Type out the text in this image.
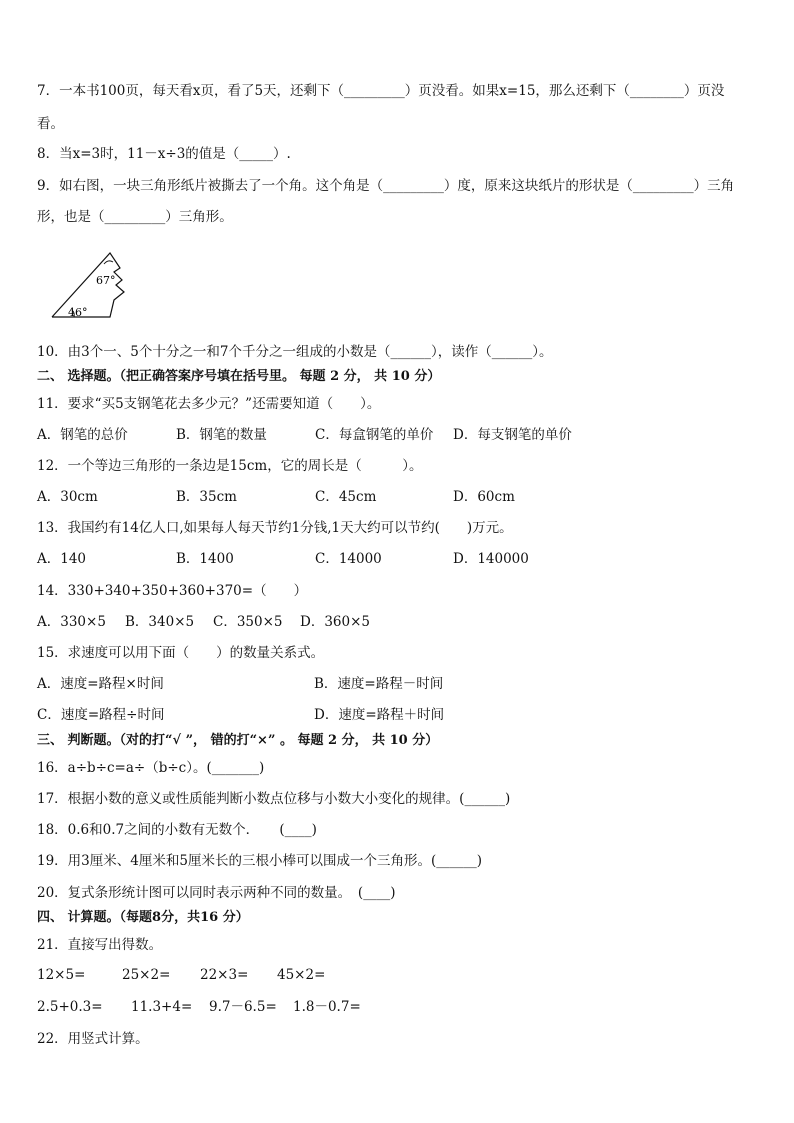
7．一本书100页，每天看x页，看了5天，还剩下（_________）页没看。如果x=15，那么还剩下（________）页没
看。
8．当x=3时，11－x÷3的值是（_____）.
9．如右图，一块三角形纸片被撕去了一个角。这个角是（_________）度，原来这块纸片的形状是（_________）三角
形，也是（_________）三角形。
67°
46°
10．由3个一、5个十分之一和7个千分之一组成的小数是（______），读作（______）。
二、 选择题。（把正确答案序号填在括号里。 每题 2 分， 共 10 分）
11．要求“买5支钢笔花去多少元？”还需要知道（　　）。
A．钢笔的总价	B．钢笔的数量	C．每盒钢笔的单价 D．每支钢笔的单价
12．一个等边三角形的一条边是15cm，它的周长是（　　　）。
A．30cm	B．35cm	C．45cm	D．60cm
13．我国约有14亿人口,如果每人每天节约1分钱,1天大约可以节约(　　)万元。
A．140	B．1400	C．14000	D．140000
14．330+340+350+360+370=（　　）
A．330×5 B．340×5 C．350×5 D．360×5
15．求速度可以用下面（　　）的数量关系式。
A．速度=路程×时间	B．速度=路程－时间
C．速度=路程÷时间	D．速度=路程＋时间
三、 判断题。（对的打“√ ”， 错的打“×” 。 每题 2 分， 共 10 分）
16．a÷b÷c=a÷（b÷c）。(_______)
17．根据小数的意义或性质能判断小数点位移与小数大小变化的规律。(______)
18．0.6和0.7之间的小数有无数个．　　(____)
19．用3厘米、4厘米和5厘米长的三根小棒可以围成一个三角形。(______)
20．复式条形统计图可以同时表示两种不同的数量。　(____)
四、 计算题。（每题8分，共16 分）
21．直接写出得数。
12×5=	25×2= 22×3= 45×2=
2.5+0.3= 11.3+4= 9.7－6.5= 1.8－0.7=
22．用竖式计算。
